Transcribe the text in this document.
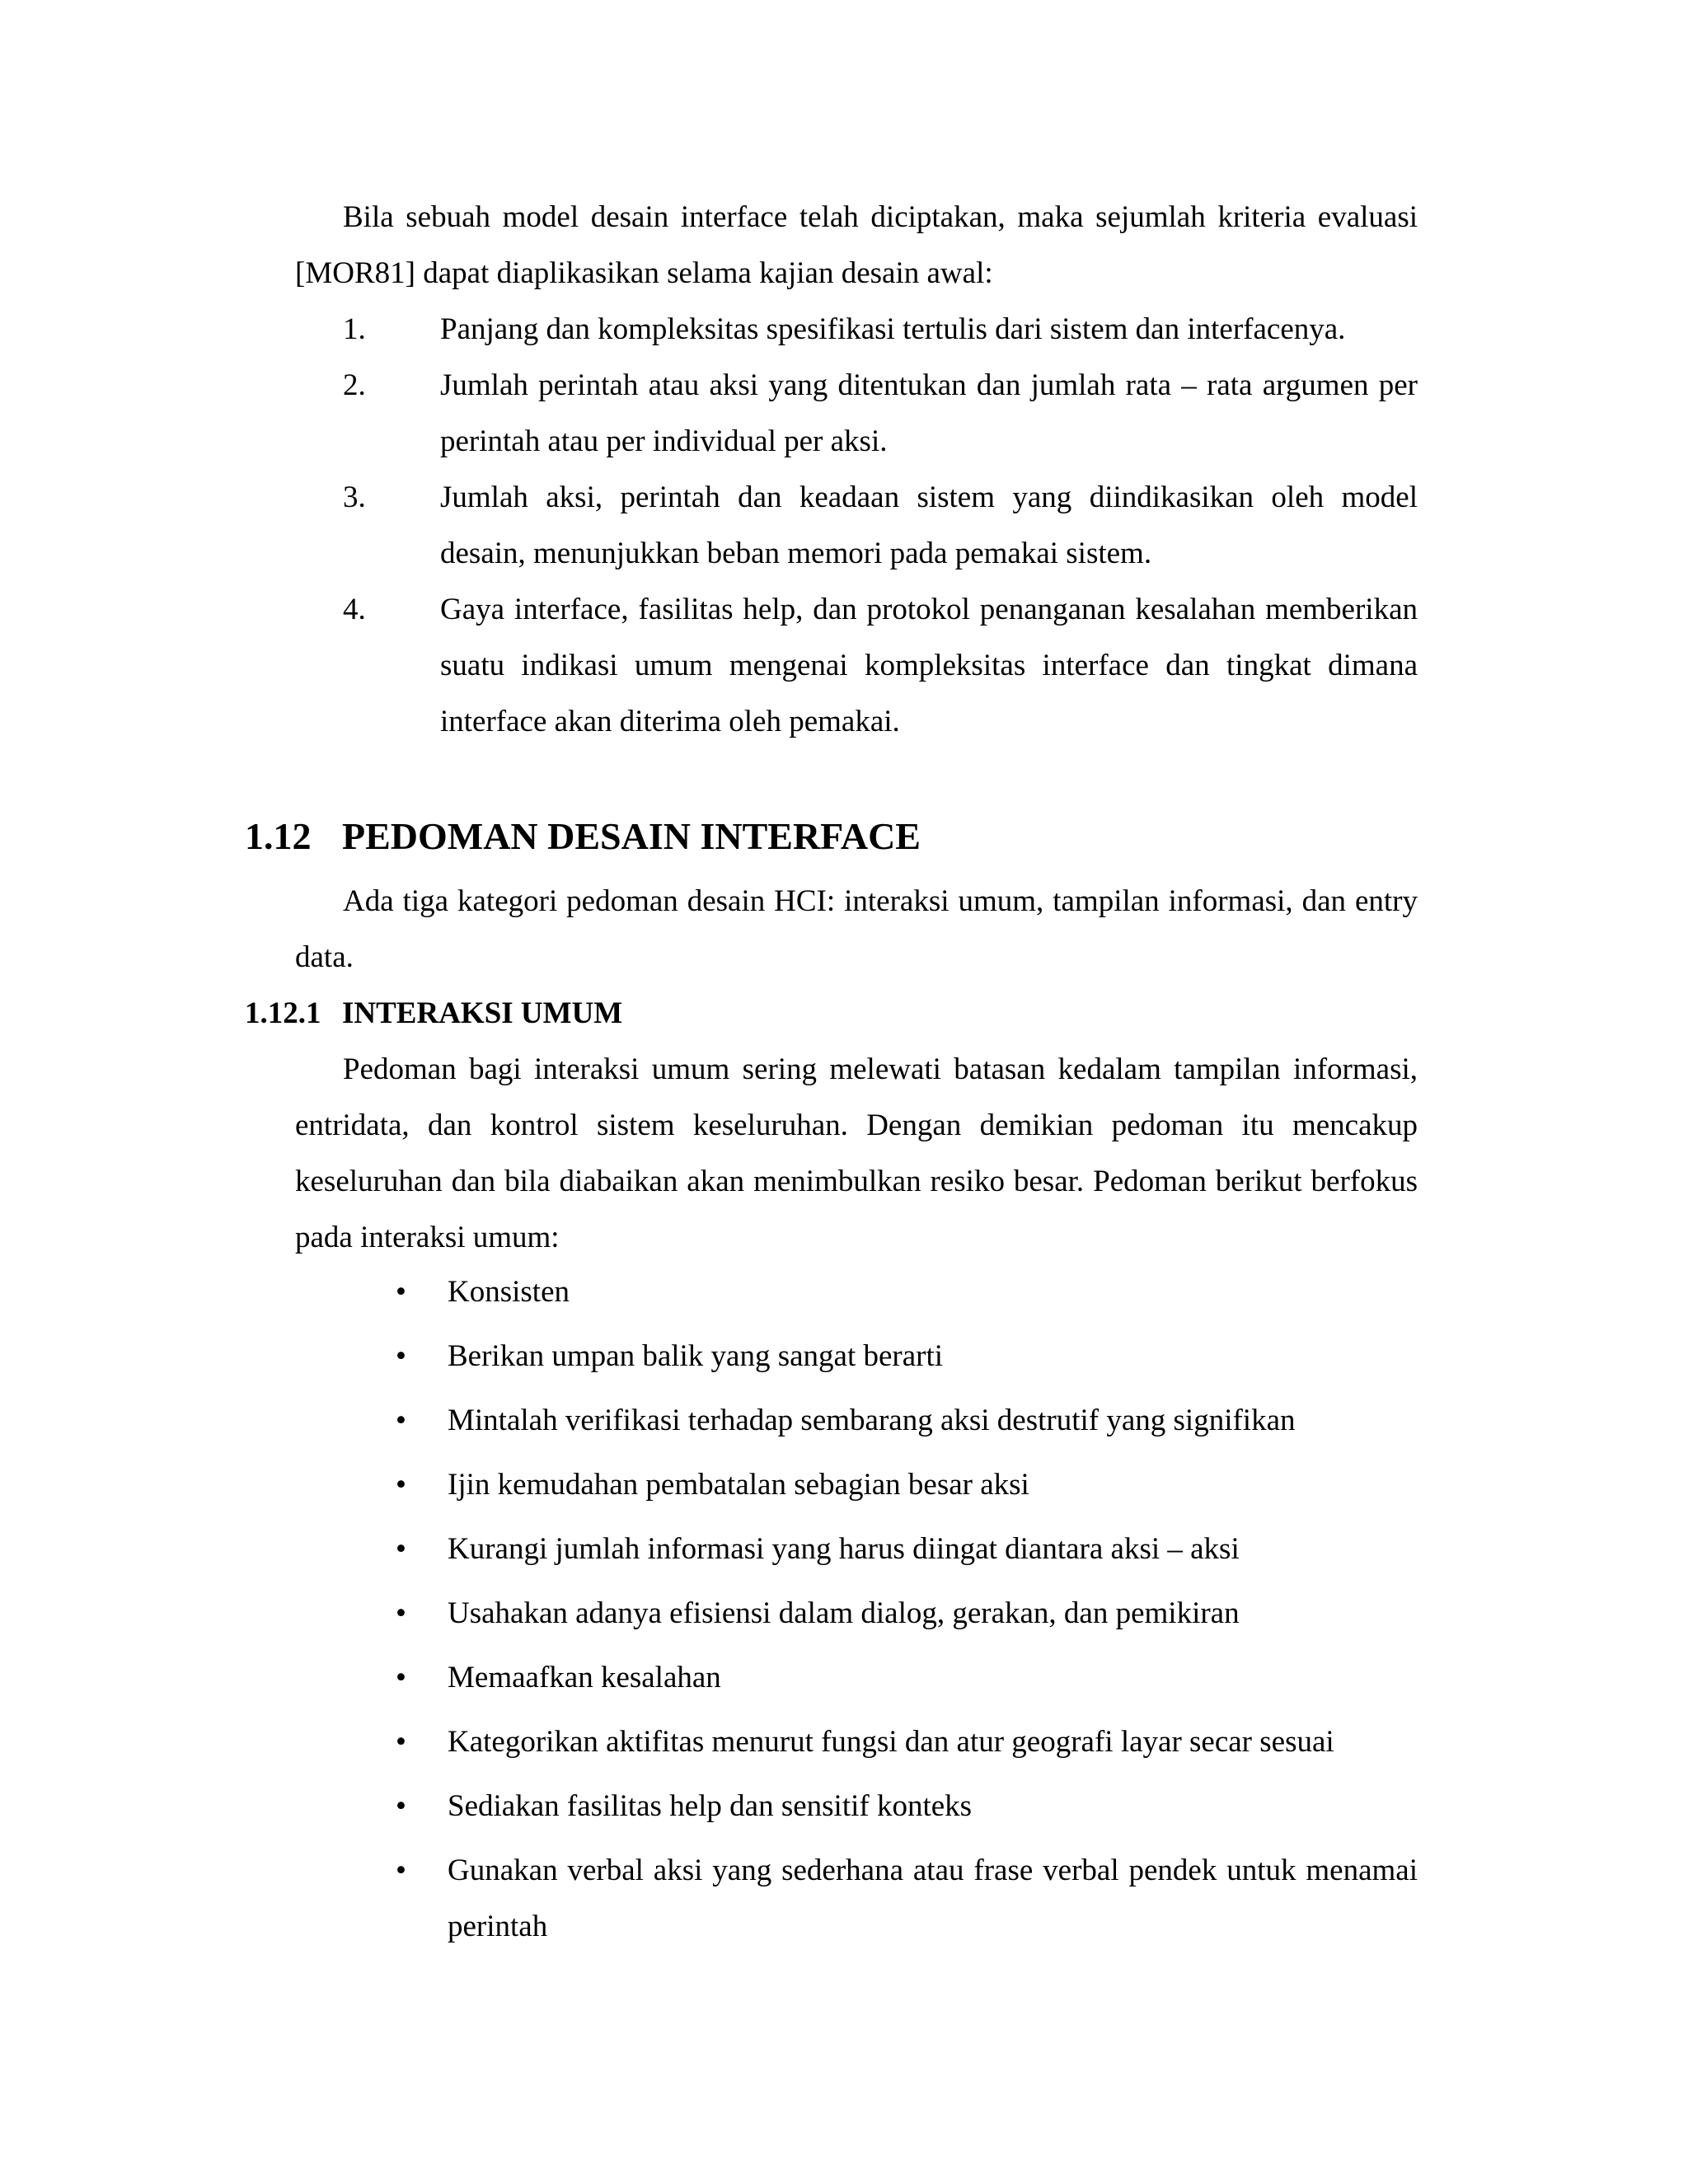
Bila sebuah model desain interface telah diciptakan, maka sejumlah kriteria evaluasi [MOR81] dapat diaplikasikan selama kajian desain awal:

1.	Panjang dan kompleksitas spesifikasi tertulis dari sistem dan interfacenya.
2.	Jumlah perintah atau aksi yang ditentukan dan jumlah rata – rata argumen per perintah atau per individual per aksi.
3.	Jumlah aksi, perintah dan keadaan sistem yang diindikasikan oleh model desain, menunjukkan beban memori pada pemakai sistem.
4.	Gaya interface, fasilitas help, dan protokol penanganan kesalahan memberikan suatu indikasi umum mengenai kompleksitas interface dan tingkat dimana interface akan diterima oleh pemakai.
1.12 PEDOMAN DESAIN INTERFACE

Ada tiga kategori pedoman desain HCI: interaksi umum, tampilan informasi, dan entry data.

1.12.1 INTERAKSI UMUM

Pedoman bagi interaksi umum sering melewati batasan kedalam tampilan informasi, entridata, dan kontrol sistem keseluruhan. Dengan demikian pedoman itu mencakup keseluruhan dan bila diabaikan akan menimbulkan resiko besar. Pedoman berikut berfokus pada interaksi umum:

•	Konsisten
•	Berikan umpan balik yang sangat berarti
•	Mintalah verifikasi terhadap sembarang aksi destrutif yang signifikan
•	Ijin kemudahan pembatalan sebagian besar aksi
•	Kurangi jumlah informasi yang harus diingat diantara aksi – aksi
•	Usahakan adanya efisiensi dalam dialog, gerakan, dan pemikiran
•	Memaafkan kesalahan
•	Kategorikan aktifitas menurut fungsi dan atur geografi layar secar sesuai
•	Sediakan fasilitas help dan sensitif konteks
•	Gunakan verbal aksi yang sederhana atau frase verbal pendek untuk menamai perintah
